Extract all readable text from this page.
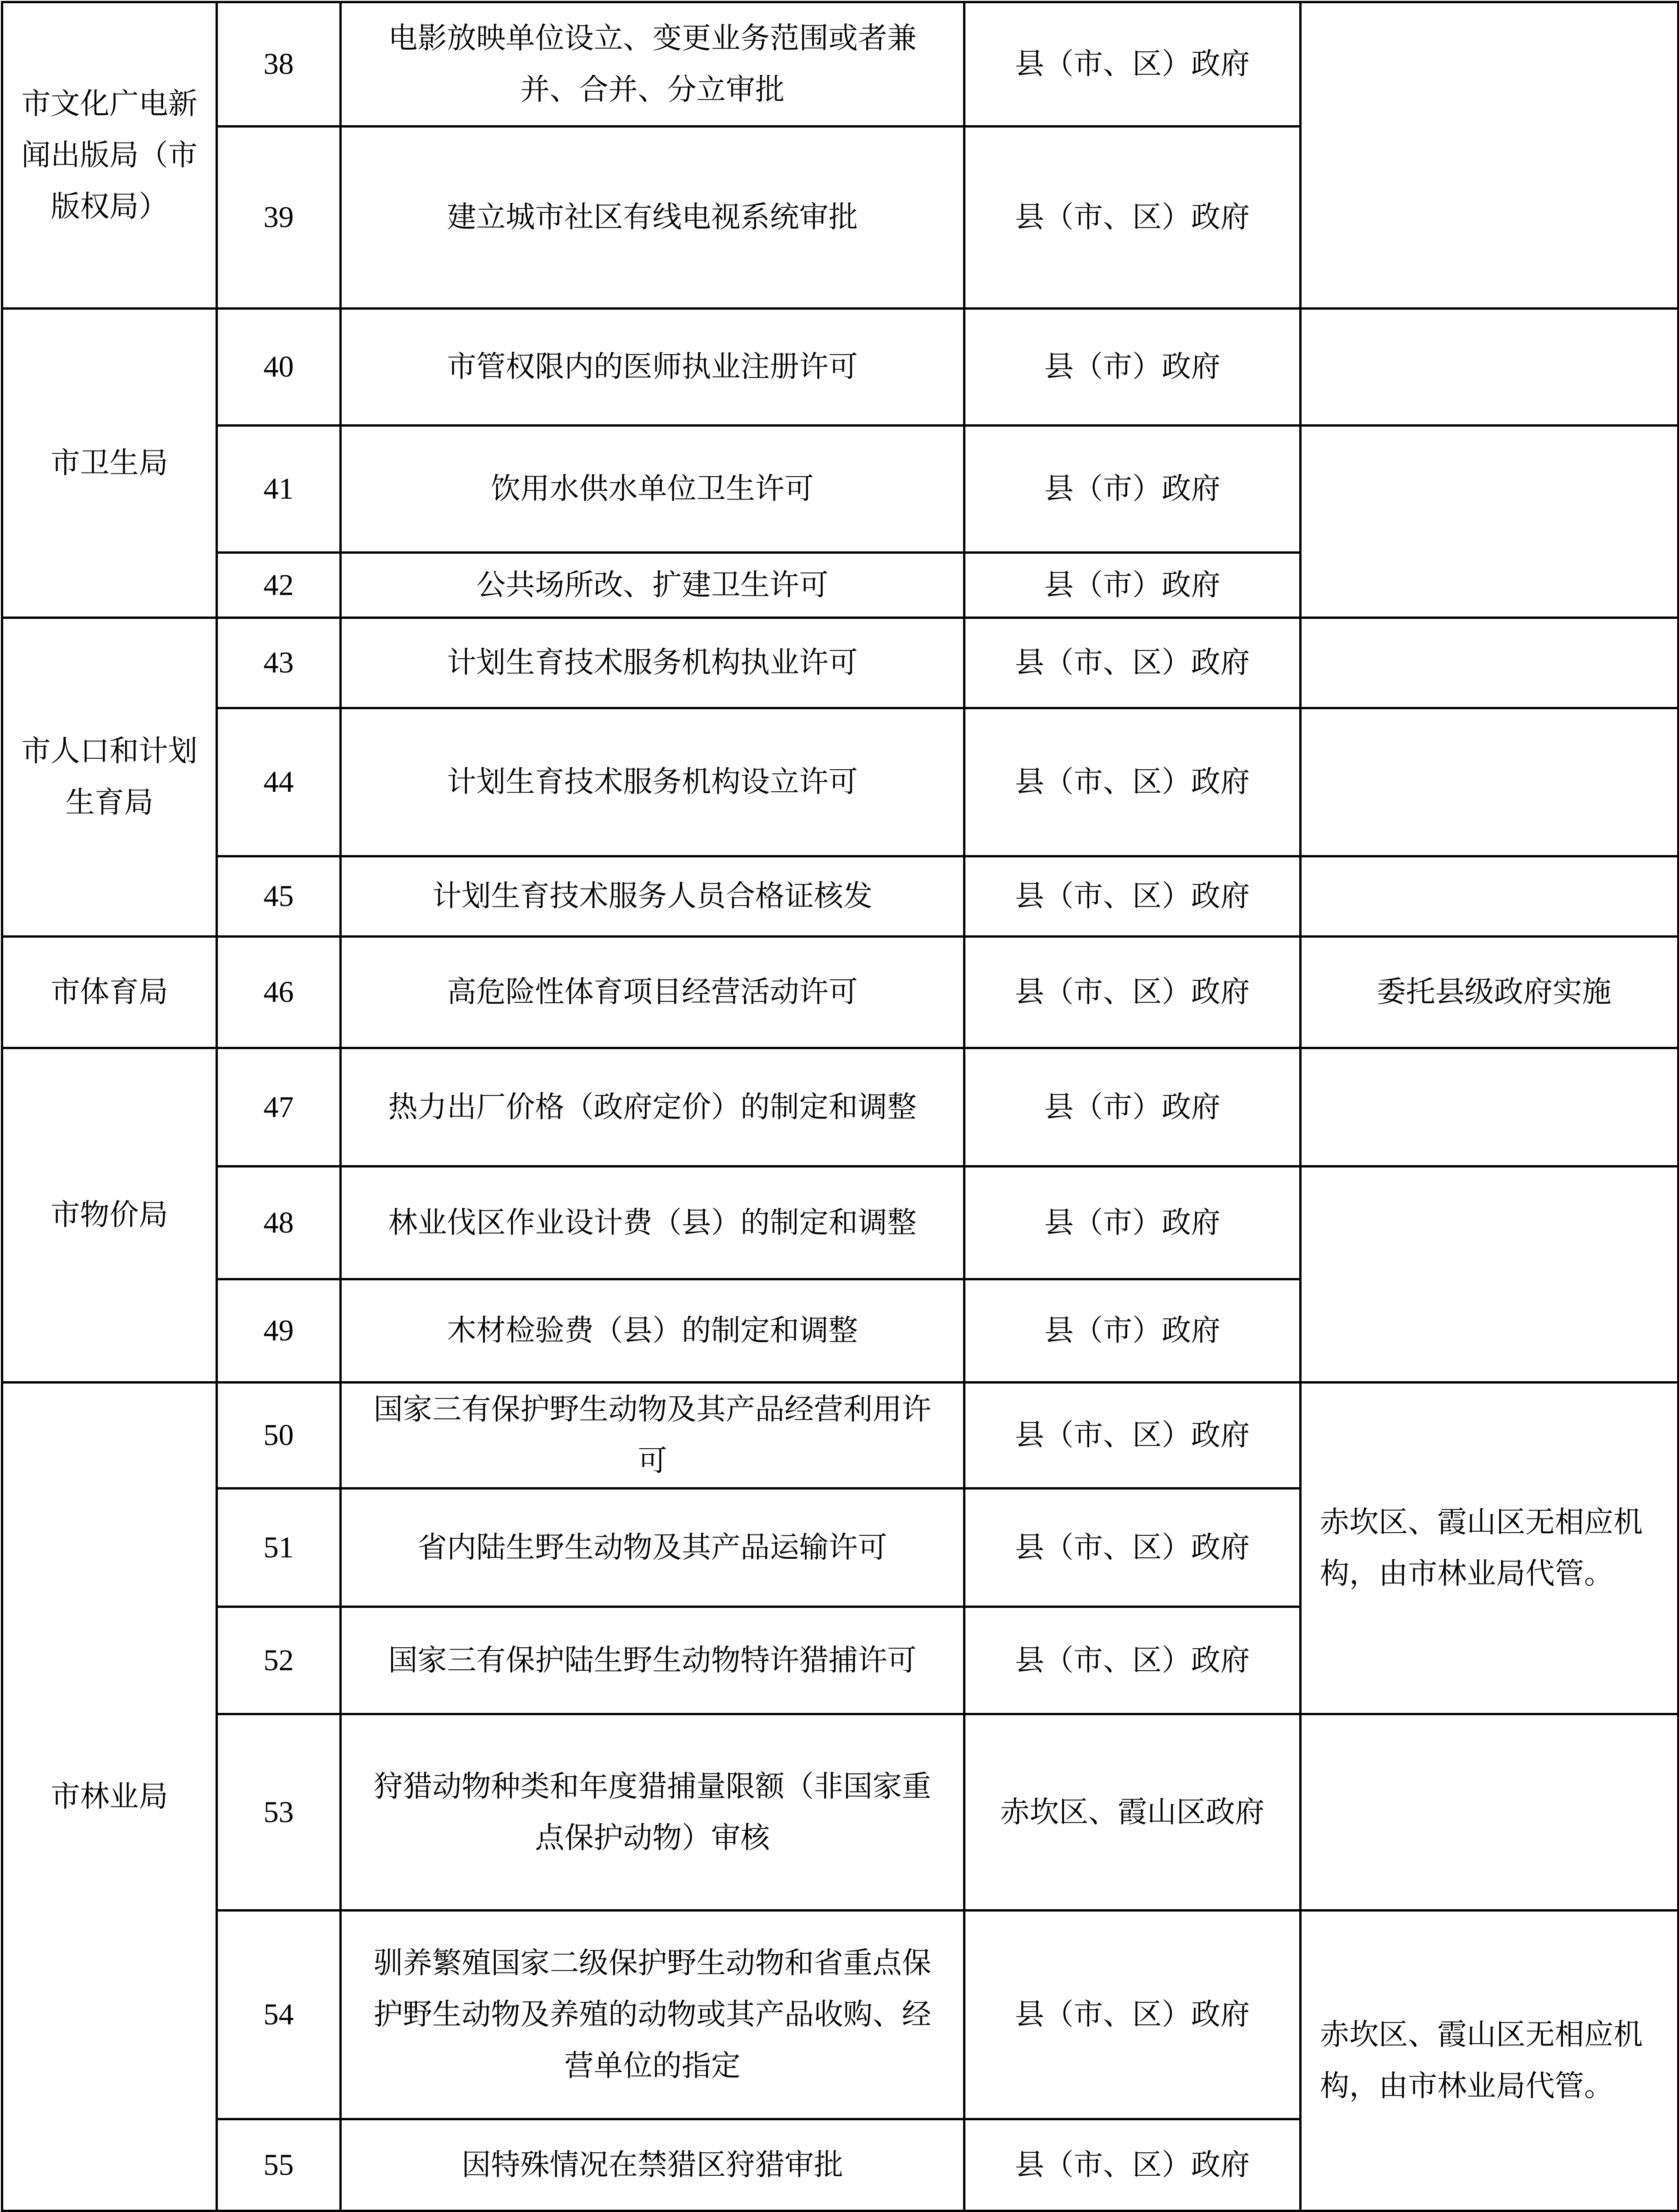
市文化广电新闻出版局（市版权局）	38	电影放映单位设立、变更业务范围或者兼并、合并、分立审批	县（市、区）政府	
	39	建立城市社区有线电视系统审批	县（市、区）政府	
市卫生局	40	市管权限内的医师执业注册许可	县（市）政府	
	41	饮用水供水单位卫生许可	县（市）政府	
	42	公共场所改、扩建卫生许可	县（市）政府	
市人口和计划生育局	43	计划生育技术服务机构执业许可	县（市、区）政府	
	44	计划生育技术服务机构设立许可	县（市、区）政府	
	45	计划生育技术服务人员合格证核发	县（市、区）政府	
市体育局	46	高危险性体育项目经营活动许可	县（市、区）政府	委托县级政府实施
市物价局	47	热力出厂价格（政府定价）的制定和调整	县（市）政府	
	48	林业伐区作业设计费（县）的制定和调整	县（市）政府	
	49	木材检验费（县）的制定和调整	县（市）政府	
市林业局	50	国家三有保护野生动物及其产品经营利用许可	县（市、区）政府	赤坎区、霞山区无相应机构，由市林业局代管。
	51	省内陆生野生动物及其产品运输许可	县（市、区）政府	
	52	国家三有保护陆生野生动物特许猎捕许可	县（市、区）政府	
	53	狩猎动物种类和年度猎捕量限额（非国家重点保护动物）审核	赤坎区、霞山区政府	
	54	驯养繁殖国家二级保护野生动物和省重点保护野生动物及养殖的动物或其产品收购、经营单位的指定	县（市、区）政府	赤坎区、霞山区无相应机构，由市林业局代管。
	55	因特殊情况在禁猎区狩猎审批	县（市、区）政府	
